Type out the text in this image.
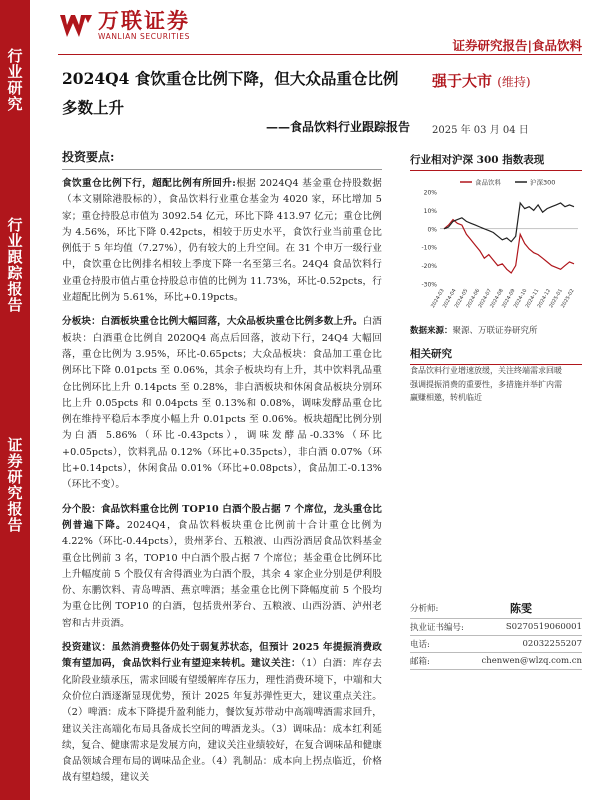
行业研究
行业跟踪报告
证券研究报告
万联证券
WANLIAN SECURITIES
证券研究报告|食品饮料
2024Q4 食饮重仓比例下降，但大众品重仓比例多数上升
——食品饮料行业跟踪报告
强于大市 (维持)
2025 年 03 月 04 日
投资要点:

食饮重仓比例下行，超配比例有所回升:根据 2024Q4 基金重仓持股数据（本文剔除港股标的），食品饮料行业重仓基金为 4020 家，环比增加 5 家；重仓持股总市值为 3092.54 亿元，环比下降 413.97 亿元；重仓比例为 4.56%，环比下降 0.42pcts，相较于历史水平，食饮行业当前重仓比例低于 5 年均值（7.27%），仍有较大的上升空间。在 31 个申万一级行业中，食饮重仓比例排名相较上季度下降一名至第三名。24Q4 食品饮料行业重仓持股市值占重仓持股总市值的比例为 11.73%，环比-0.52pcts，行业超配比例为 5.61%，环比+0.19pcts。

分板块：白酒板块重仓比例大幅回落，大众品板块重仓比例多数上升。白酒板块：白酒重仓比例自 2020Q4 高点后回落，波动下行，24Q4 大幅回落，重仓比例为 3.95%，环比-0.65pcts；大众品板块：食品加工重仓比例环比下降 0.01pcts 至 0.06%，其余子板块均有上升，其中饮料乳品重仓比例环比上升 0.14pcts 至 0.28%，非白酒板块和休闲食品板块分别环比上升 0.05pcts 和 0.04pcts 至 0.13%和 0.08%，调味发酵品重仓比例在维持平稳后本季度小幅上升 0.01pcts 至 0.06%。板块超配比例分别为白酒 5.86%（环比-0.43pcts），调味发酵品-0.33%（环比+0.05pcts），饮料乳品 0.12%（环比+0.35pcts），非白酒 0.07%（环比+0.14pcts），休闲食品 0.01%（环比+0.08pcts），食品加工-0.13%（环比不变）。

分个股：食品饮料重仓比例 TOP10 白酒个股占据 7 个席位，龙头重仓比例普遍下降。2024Q4，食品饮料板块重仓比例前十合计重仓比例为 4.22%（环比-0.44pcts），贵州茅台、五粮液、山西汾酒居食品饮料基金重仓比例前 3 名，TOP10 中白酒个股占据 7 个席位；基金重仓比例环比上升幅度前 5 个股仅有舍得酒业为白酒个股，其余 4 家企业分别是伊利股份、东鹏饮料、青岛啤酒、燕京啤酒；基金重仓比例下降幅度前 5 个股均为重仓比例 TOP10 的白酒，包括贵州茅台、五粮液、山西汾酒、泸州老窖和古井贡酒。

投资建议：虽然消费整体仍处于弱复苏状态，但預计 2025 年提振消费政策有望加码，食品饮料行业有望迎来转机。建议关注：（1）白酒：库存去化阶段业绩承压，需求回暖有望缓解库存压力，理性消费环境下，中端和大众价位白酒逐渐显现优势，预计 2025 年复苏弹性更大，建议重点关注。（2）啤酒：成本下降提升盈利能力，餐饮复苏带动中高端啤酒需求回升，建议关注高端化布局具备成长空间的啤酒龙头。（3）调味品：成本红利延续，复合、健康需求是发展方向，建议关注业绩较好，在复合调味品和健康食品领域合理布局的调味品企业。（4）乳制品：成本向上拐点临近，价格战有望趋缓，建议关

行业相对沪深 300 指数表现
20%
10%
0%
-10%
-20%
-30%
2024-03
2024-04
2024-05
2024-06
2024-07
2024-08
2024-09
2024-10
2024-11
2024-12
2025-01
2025-02
食品饮料	沪深300
数据来源：聚源、万联证券研究所
相关研究
食品饮料行业增速放缓，关注终端需求回暖
强调提振消费的重要性，多措施并举扩内需
赢赚相邀，转机临近
分析师:	陈雯
执业证书编号:	S0270519060001
电话:	02032255207
邮箱:	chenwen@wlzq.com.cn
